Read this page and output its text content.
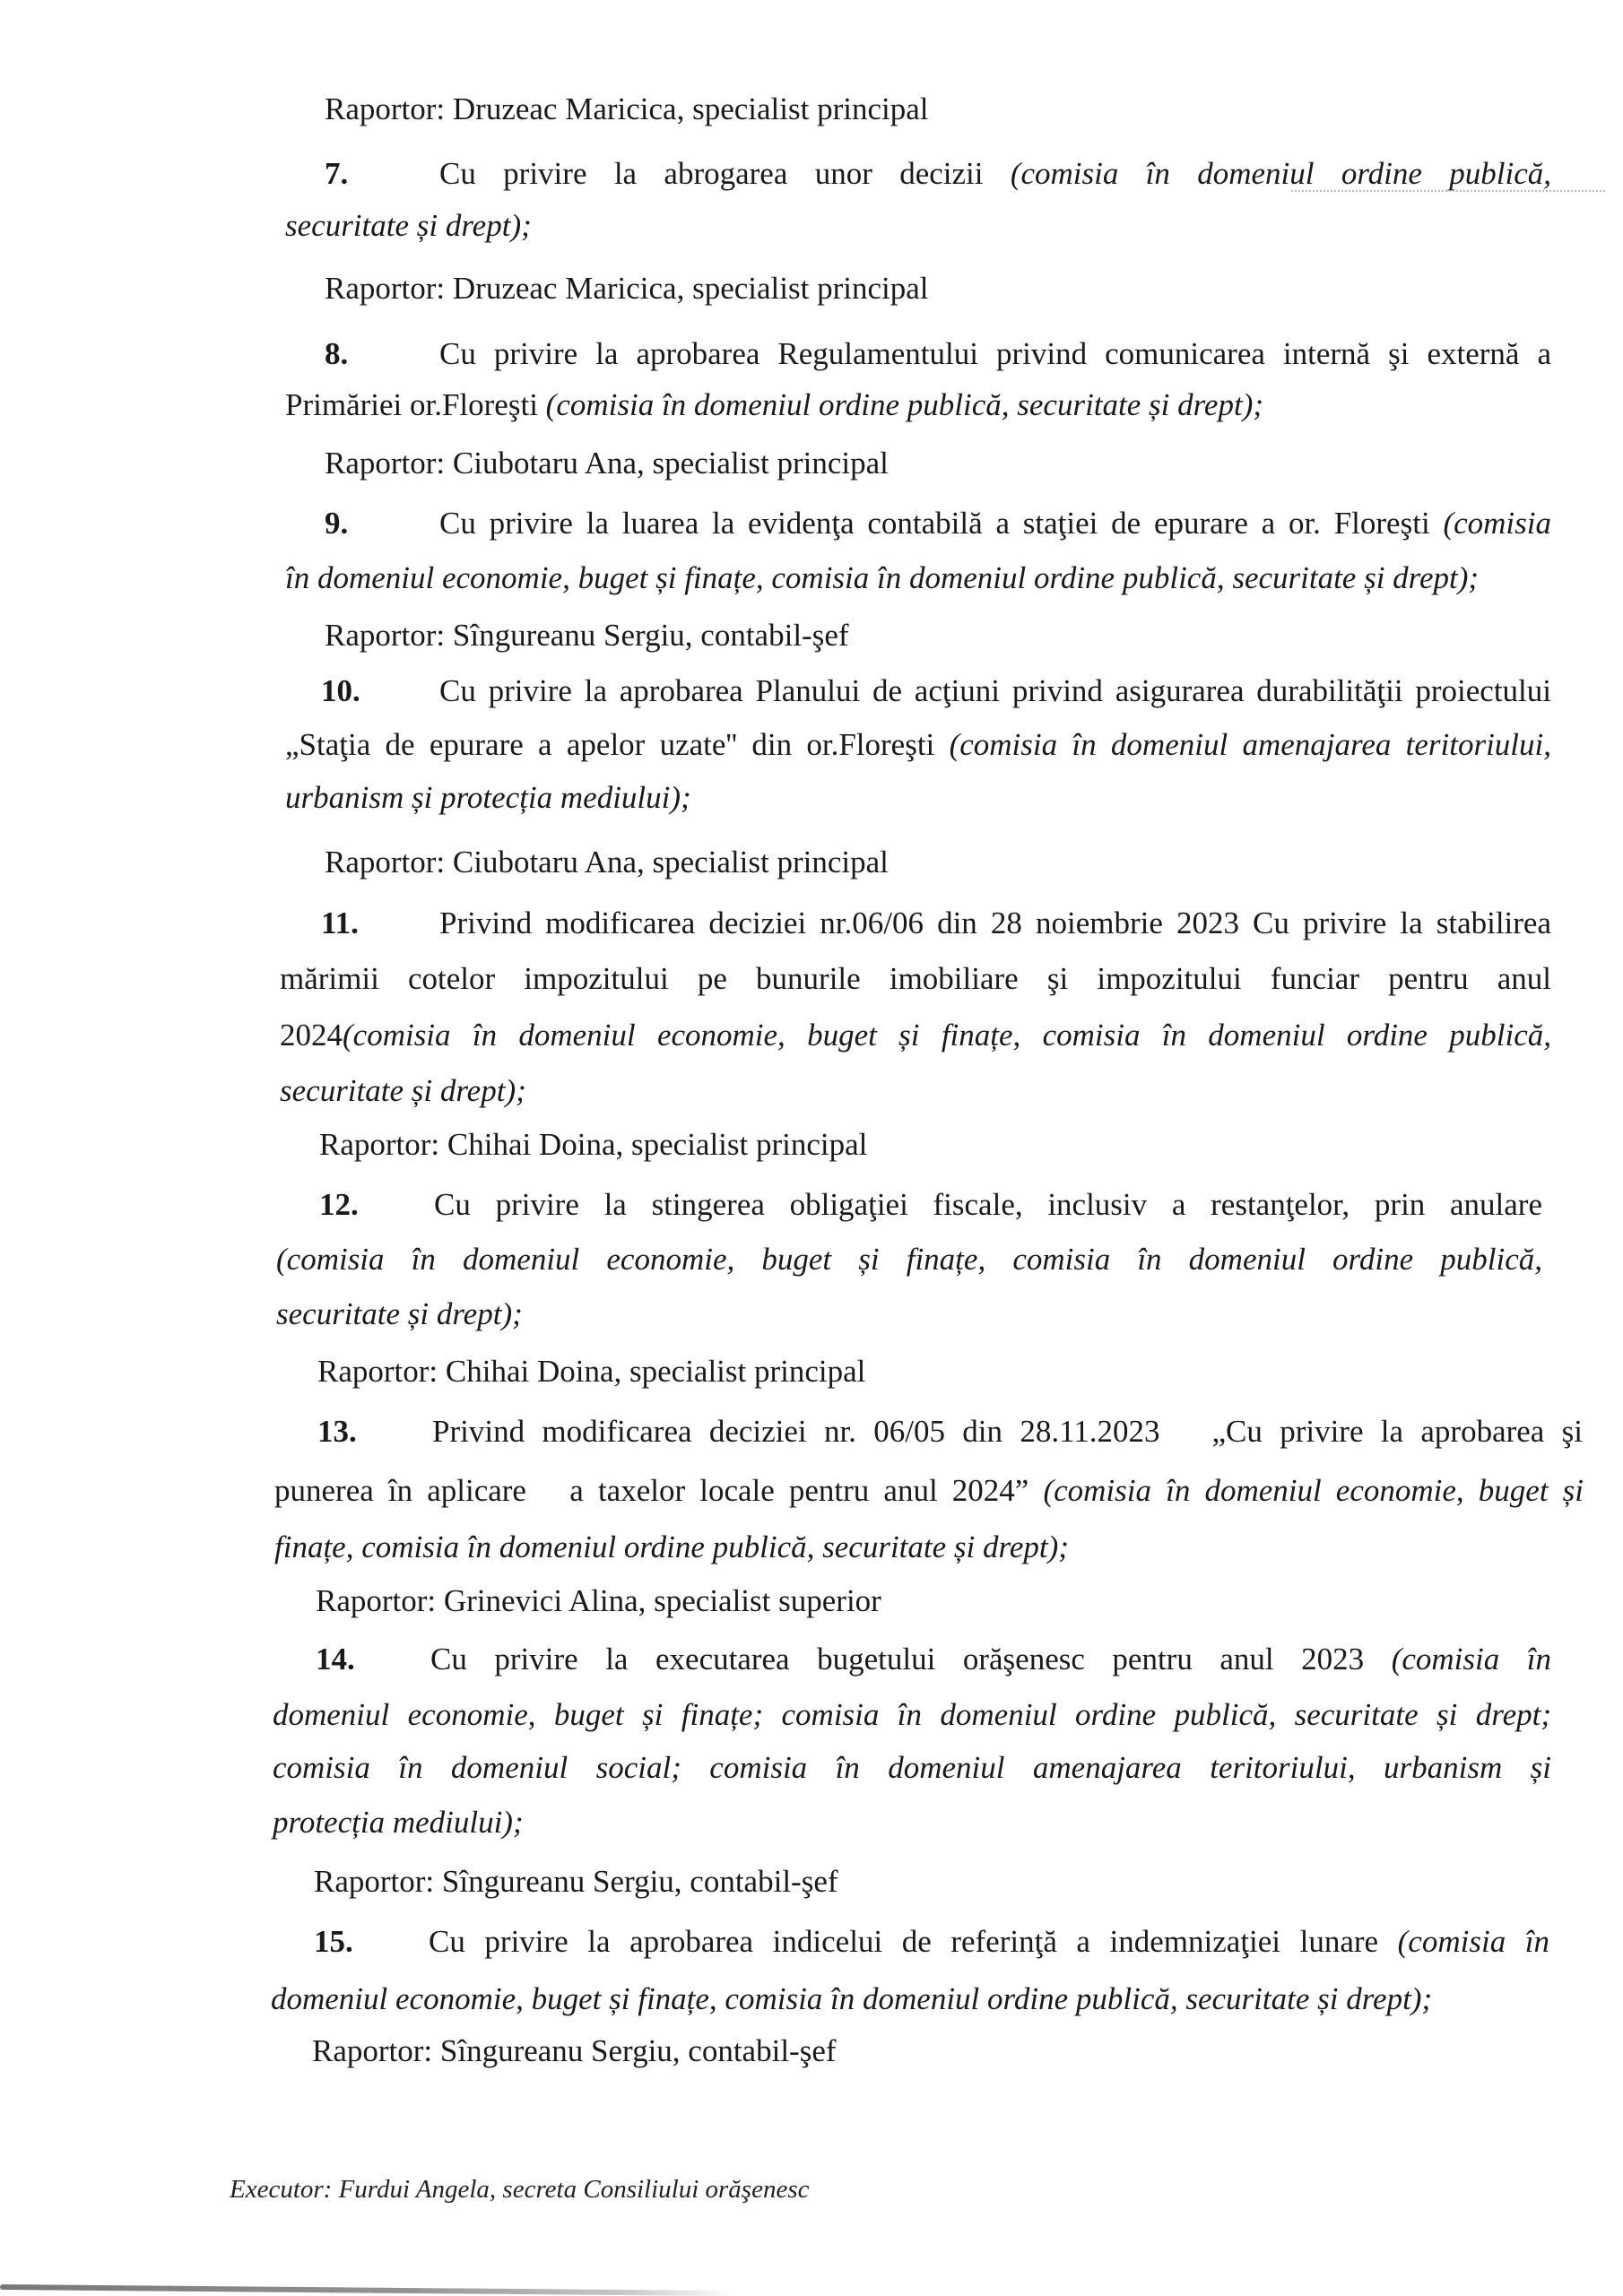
Raportor: Druzeac Maricica, specialist principal
7.	Cu privire la abrogarea unor decizii (comisia în domeniul ordine publică,
securitate și drept);
Raportor: Druzeac Maricica, specialist principal
8.	Cu privire la aprobarea Regulamentului privind comunicarea internă şi externă a
Primăriei or.Floreşti (comisia în domeniul ordine publică, securitate și drept);
Raportor: Ciubotaru Ana, specialist principal
9.	Cu privire la luarea la evidenţa contabilă a staţiei de epurare a or. Floreşti (comisia
în domeniul economie, buget și finațe, comisia în domeniul ordine publică, securitate și drept);
Raportor: Sîngureanu Sergiu, contabil-şef
10.	Cu privire la aprobarea Planului de acţiuni privind asigurarea durabilităţii proiectului
„Staţia de epurare a apelor uzate'' din or.Floreşti (comisia în domeniul amenajarea teritoriului,
urbanism și protecția mediului);
Raportor: Ciubotaru Ana, specialist principal
11.	Privind modificarea deciziei nr.06/06 din 28 noiembrie 2023 Cu privire la stabilirea
mărimii cotelor impozitului pe bunurile imobiliare şi impozitului funciar pentru anul
2024(comisia în domeniul economie, buget și finațe, comisia în domeniul ordine publică,
securitate și drept);
Raportor: Chihai Doina, specialist principal
12. Cu privire la stingerea obligaţiei fiscale, inclusiv a restanţelor, prin anulare
(comisia în domeniul economie, buget și finațe, comisia în domeniul ordine publică,
securitate și drept);
Raportor: Chihai Doina, specialist principal
13. Privind modificarea deciziei nr. 06/05 din 28.11.2023   „Cu privire la aprobarea şi
punerea în aplicare   a taxelor locale pentru anul 2024” (comisia în domeniul economie, buget și
finațe, comisia în domeniul ordine publică, securitate și drept);
Raportor: Grinevici Alina, specialist superior
14. Cu privire la executarea bugetului orăşenesc pentru anul 2023 (comisia în
domeniul economie, buget și finațe; comisia în domeniul ordine publică, securitate și drept;
comisia în domeniul social; comisia în domeniul amenajarea teritoriului, urbanism și
protecția mediului);
Raportor: Sîngureanu Sergiu, contabil-şef
15. Cu privire la aprobarea indicelui de referinţă a indemnizaţiei lunare (comisia în
domeniul economie, buget și finațe, comisia în domeniul ordine publică, securitate și drept);
Raportor: Sîngureanu Sergiu, contabil-şef
Executor: Furdui Angela, secreta Consiliului orăşenesc
